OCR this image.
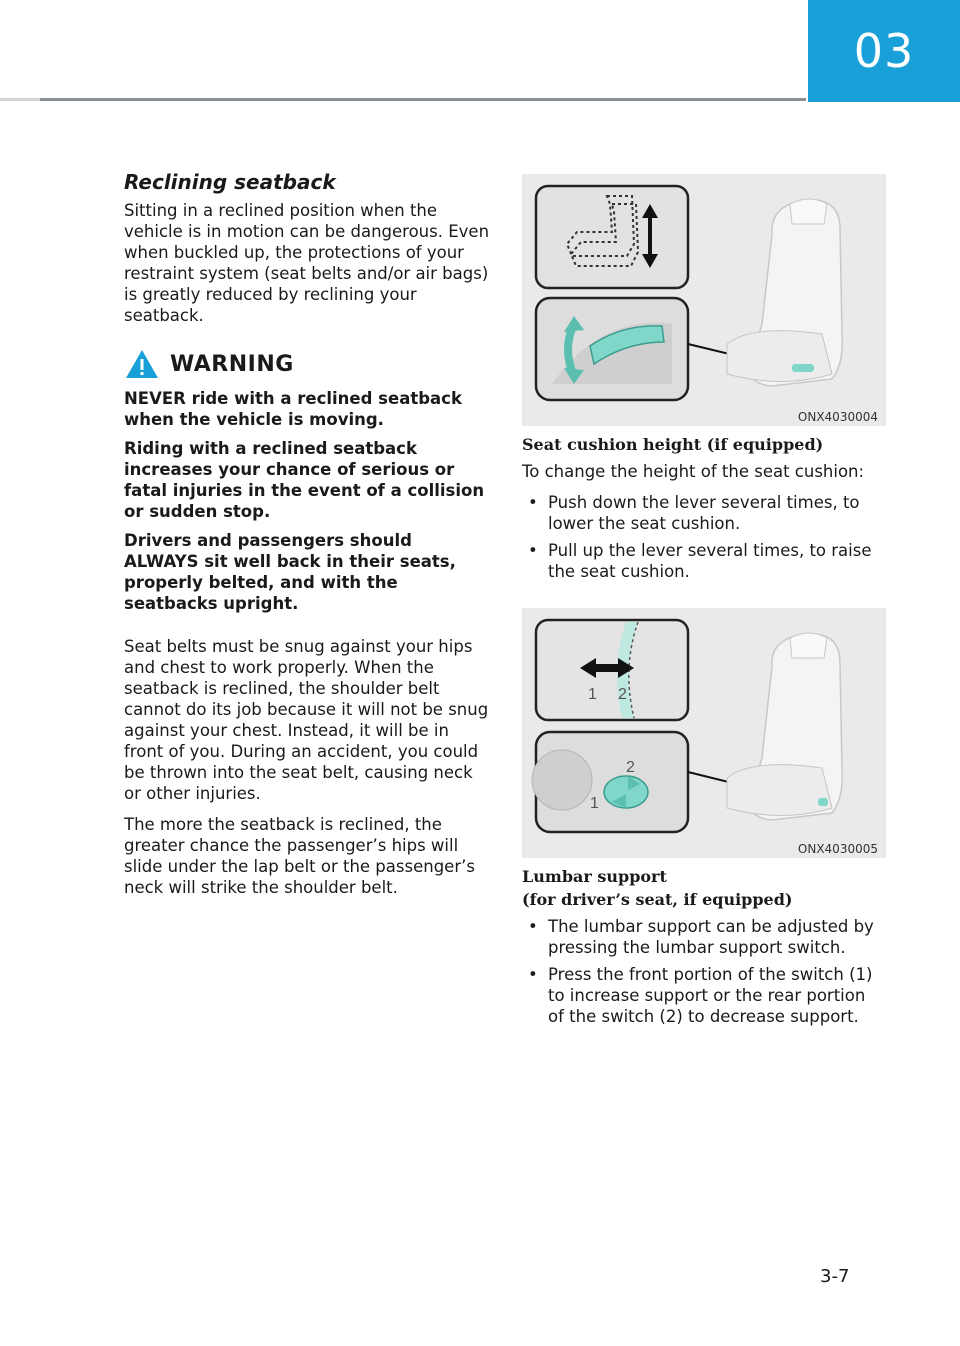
03
Reclining seatback

Sitting in a reclined position when the vehicle is in motion can be dangerous. Even when buckled up, the protections of your restraint system (seat belts and/or air bags) is greatly reduced by reclining your seatback.

WARNING

NEVER ride with a reclined seatback when the vehicle is moving.

Riding with a reclined seatback increases your chance of serious or fatal injuries in the event of a collision or sudden stop.

Drivers and passengers should ALWAYS sit well back in their seats, properly belted, and with the seatbacks upright.

Seat belts must be snug against your hips and chest to work properly. When the seatback is reclined, the shoulder belt cannot do its job because it will not be snug against your chest. Instead, it will be in front of you. During an accident, you could be thrown into the seat belt, causing neck or other injuries.

The more the seatback is reclined, the greater chance the passenger’s hips will slide under the lap belt or the passenger’s neck will strike the shoulder belt.

ONX4030004
Seat cushion height (if equipped)

To change the height of the seat cushion:

• Push down the lever several times, to lower the seat cushion.
• Pull up the lever several times, to raise the seat cushion.
1 2
2
1
ONX4030005
Lumbar support
(for driver’s seat, if equipped)
• The lumbar support can be adjusted by pressing the lumbar support switch.
• Press the front portion of the switch (1) to increase support or the rear portion of the switch (2) to decrease support.
3-7
